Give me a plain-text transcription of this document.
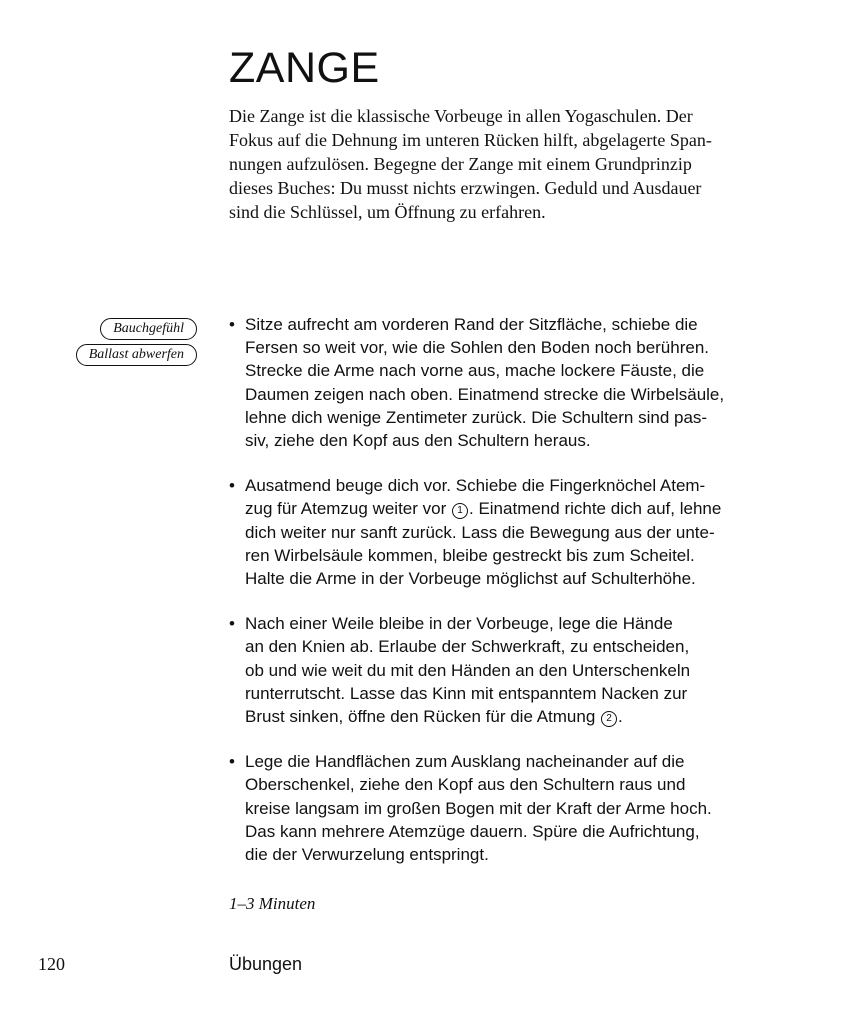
ZANGE
Die Zange ist die klassische Vorbeuge in allen Yogaschulen. Der
Fokus auf die Dehnung im unteren Rücken hilft, abgelagerte Span-
nungen aufzulösen. Begegne der Zange mit einem Grundprinzip
dieses Buches: Du musst nichts erzwingen. Geduld und Ausdauer
sind die Schlüssel, um Öffnung zu erfahren.
Bauchgefühl
Ballast abwerfen
• Sitze aufrecht am vorderen Rand der Sitzfläche, schiebe die
Fersen so weit vor, wie die Sohlen den Boden noch berühren.
Strecke die Arme nach vorne aus, mache lockere Fäuste, die
Daumen zeigen nach oben. Einatmend strecke die Wirbelsäule,
lehne dich wenige Zentimeter zurück. Die Schultern sind pas-
siv, ziehe den Kopf aus den Schultern heraus.
• Ausatmend beuge dich vor. Schiebe die Fingerknöchel Atem-
zug für Atemzug weiter vor 1 . Einatmend richte dich auf, lehne
dich weiter nur sanft zurück. Lass die Bewegung aus der unte-
ren Wirbelsäule kommen, bleibe gestreckt bis zum Scheitel.
Halte die Arme in der Vorbeuge möglichst auf Schulterhöhe.
• Nach einer Weile bleibe in der Vorbeuge, lege die Hände
an den Knien ab. Erlaube der Schwerkraft, zu entscheiden,
ob und wie weit du mit den Händen an den Unterschenkeln
runterrutscht. Lasse das Kinn mit entspanntem Nacken zur
Brust sinken, öffne den Rücken für die Atmung 2 .
• Lege die Handflächen zum Ausklang nacheinander auf die
Oberschenkel, ziehe den Kopf aus den Schultern raus und
kreise langsam im großen Bogen mit der Kraft der Arme hoch.
Das kann mehrere Atemzüge dauern. Spüre die Aufrichtung,
die der Verwurzelung entspringt.
1–3 Minuten
120	Übungen
